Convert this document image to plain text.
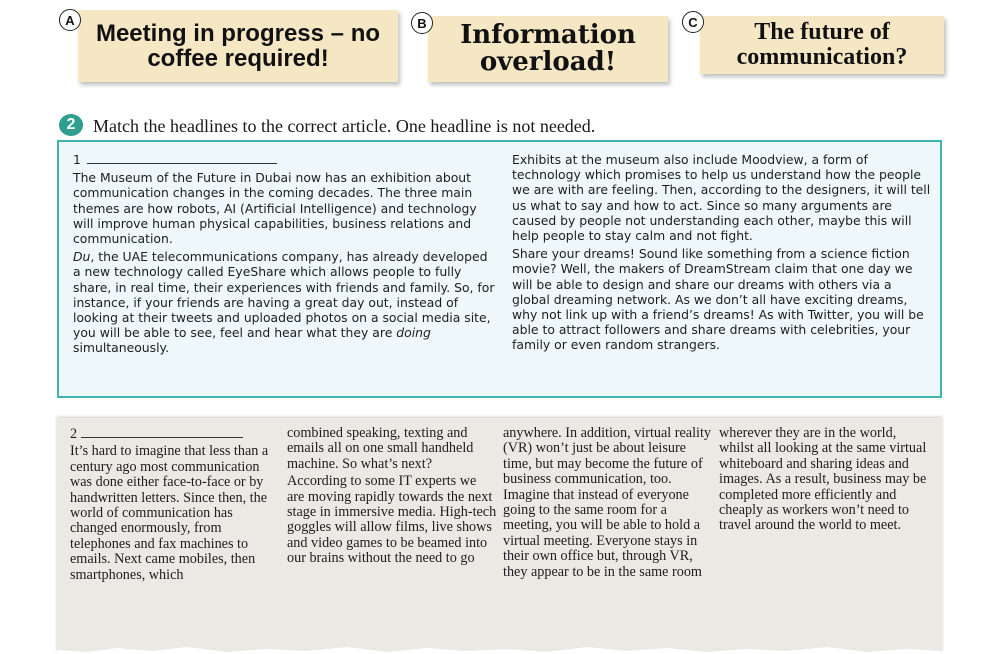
Meeting in progress – no coffee required!
A	Information overload!
B	The future of communication?
C
2 Match the headlines to the correct article. One headline is not needed.

1

The Museum of the Future in Dubai now has an exhibition about communication changes in the coming decades. The three main themes are how robots, AI (Artificial Intelligence) and technology will improve human physical capabilities, business relations and communication.

Du, the UAE telecommunications company, has already developed a new technology called EyeShare which allows people to fully share, in real time, their experiences with friends and family. So, for instance, if your friends are having a great day out, instead of looking at their tweets and uploaded photos on a social media site, you will be able to see, feel and hear what they are doing simultaneously.

Exhibits at the museum also include Moodview, a form of technology which promises to help us understand how the people we are with are feeling. Then, according to the designers, it will tell us what to say and how to act. Since so many arguments are caused by people not understanding each other, maybe this will help people to stay calm and not fight.

Share your dreams! Sound like something from a science fiction movie? Well, the makers of DreamStream claim that one day we will be able to design and share our dreams with others via a global dreaming network. As we don’t all have exciting dreams, why not link up with a friend’s dreams! As with Twitter, you will be able to attract followers and share dreams with celebrities, your family or even random strangers.

2

It’s hard to imagine that less than a century ago most communication was done either face-to-face or by handwritten letters. Since then, the world of communication has changed enormously, from telephones and fax machines to emails. Next came mobiles, then smartphones, which

combined speaking, texting and emails all on one small handheld machine. So what’s next?

According to some IT experts we are moving rapidly towards the next stage in immersive media. High-tech goggles will allow films, live shows and video games to be beamed into our brains without the need to go

anywhere. In addition, virtual reality (VR) won’t just be about leisure time, but may become the future of business communication, too. Imagine that instead of everyone going to the same room for a meeting, you will be able to hold a virtual meeting. Everyone stays in their own office but, through VR, they appear to be in the same room

wherever they are in the world, whilst all looking at the same virtual whiteboard and sharing ideas and images. As a result, business may be completed more efficiently and cheaply as workers won’t need to travel around the world to meet.
